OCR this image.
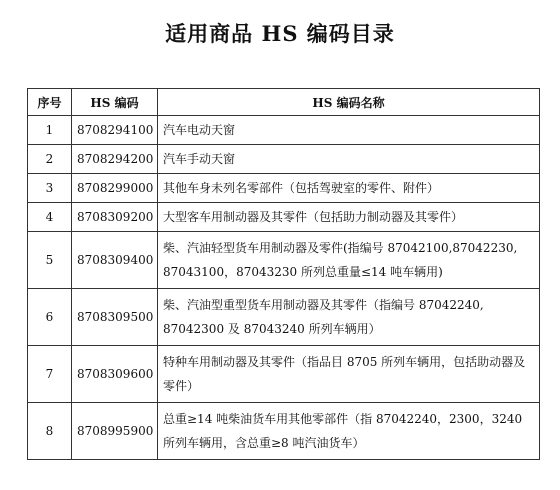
适用商品 HS 编码目录
序号	HS 编码	HS 编码名称
1	8708294100	汽车电动天窗
2	8708294200	汽车手动天窗
3	8708299000	其他车身未列名零部件（包括驾驶室的零件、附件）
4	8708309200	大型客车用制动器及其零件（包括助力制动器及其零件）
5	8708309400	柴、汽油轻型货车用制动器及零件(指编号 87042100,87042230, 87043100，87043230 所列总重量≤14 吨车辆用)
6	8708309500	柴、汽油型重型货车用制动器及其零件（指编号 87042240, 87042300 及 87043240 所列车辆用）
7	8708309600	特种车用制动器及其零件（指品目 8705 所列车辆用，包括助动器及零件）
8	8708995900	总重≥14 吨柴油货车用其他零部件（指 87042240，2300，3240 所列车辆用，含总重≥8 吨汽油货车）
